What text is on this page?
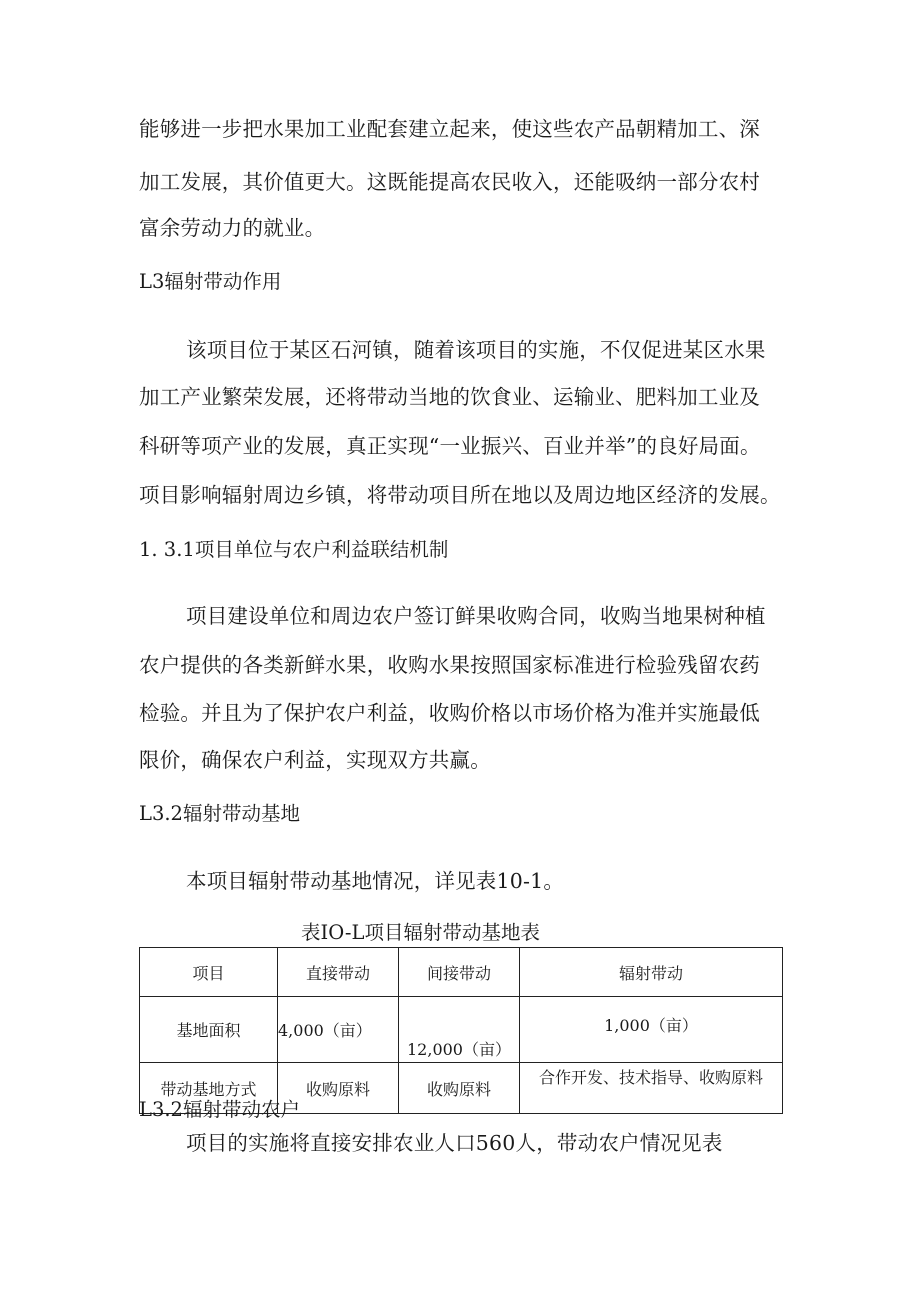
能够进一步把水果加工业配套建立起来，使这些农产品朝精加工、深
加工发展，其价值更大。这既能提高农民收入，还能吸纳一部分农村
富余劳动力的就业。
L3辐射带动作用
该项目位于某区石河镇，随着该项目的实施，不仅促进某区水果
加工产业繁荣发展，还将带动当地的饮食业、运输业、肥料加工业及
科研等项产业的发展，真正实现“一业振兴、百业并举”的良好局面。
项目影响辐射周边乡镇，将带动项目所在地以及周边地区经济的发展。
1. 3.1项目单位与农户利益联结机制
项目建设单位和周边农户签订鲜果收购合同，收购当地果树种植
农户提供的各类新鲜水果，收购水果按照国家标准进行检验残留农药
检验。并且为了保护农户利益，收购价格以市场价格为准并实施最低
限价，确保农户利益，实现双方共赢。
L3.2辐射带动基地
本项目辐射带动基地情况，详见表10-1。
表IO-L项目辐射带动基地表
项目	直接带动	间接带动	辐射带动
基地面积	4,000（亩）	12,000（亩）	1,000（亩）
带动基地方式	收购原料	收购原料	合作开发、技术指导、收购原料
L3.2辐射带动农户
项目的实施将直接安排农业人口560人，带动农户情况见表
